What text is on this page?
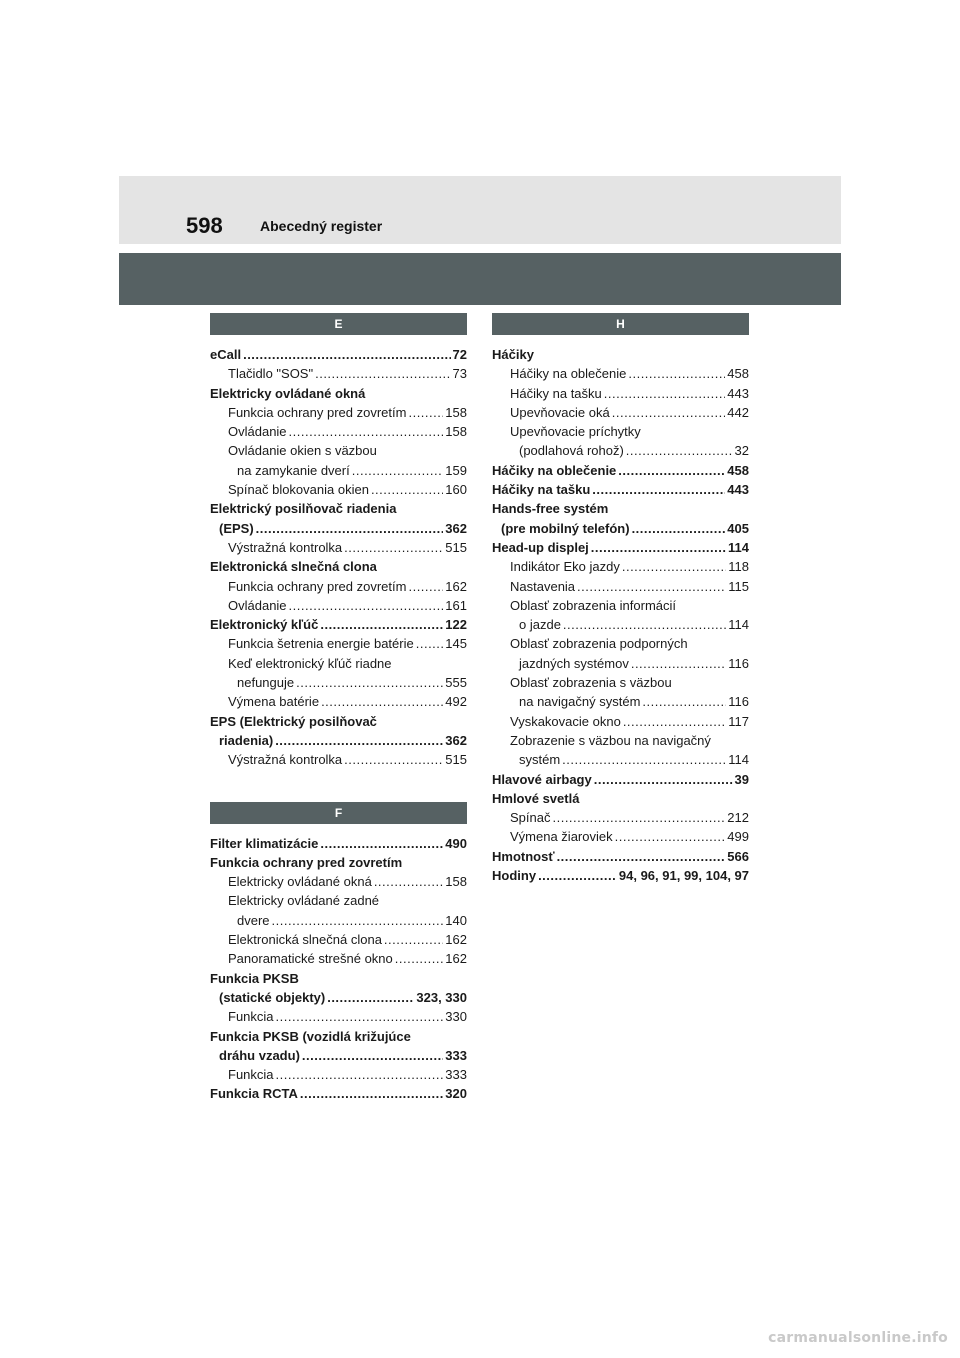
598	Abecedný register
E
eCall .....	72
Tlačidlo "SOS" .....	73
Elektricky ovládané okná
Funkcia ochrany pred zovretím .....	158
Ovládanie .....	158
Ovládanie okien s väzbou
na zamykanie dverí .....	159
Spínač blokovania okien .....	160
Elektrický posilňovač riadenia
(EPS) .....	362
Výstražná kontrolka .....	515
Elektronická slnečná clona
Funkcia ochrany pred zovretím .....	162
Ovládanie .....	161
Elektronický kľúč .....	122
Funkcia šetrenia energie batérie ..... 145
Keď elektronický kľúč riadne
nefunguje .....	555
Výmena batérie .....	492
EPS (Elektrický posilňovač
riadenia) .....	362
Výstražná kontrolka .....	515
F
Filter klimatizácie .....	490
Funkcia ochrany pred zovretím
Elektricky ovládané okná .....	158
Elektricky ovládané zadné
dvere .....	140
Elektronická slnečná clona .....	162
Panoramatické strešné okno .....	162
Funkcia PKSB
(statické objekty) .....	323, 330
Funkcia .....	330
Funkcia PKSB (vozidlá križujúce
dráhu vzadu) .....	333
Funkcia .....	333
Funkcia RCTA .....	320
H
Háčiky
Háčiky na oblečenie .....	458
Háčiky na tašku .....	443
Upevňovacie oká .....	442
Upevňovacie príchytky
(podlahová rohož) .....	32
Háčiky na oblečenie .....	458
Háčiky na tašku .....	443
Hands-free systém
(pre mobilný telefón) .....	405
Head-up displej .....	114
Indikátor Eko jazdy .....	118
Nastavenia .....	115
Oblasť zobrazenia informácií
o jazde .....	114
Oblasť zobrazenia podporných
jazdných systémov .....	116
Oblasť zobrazenia s väzbou
na navigačný systém .....	116
Vyskakovacie okno .....	117
Zobrazenie s väzbou na navigačný
systém .....	114
Hlavové airbagy .....	39
Hmlové svetlá
Spínač .....	212
Výmena žiaroviek .....	499
Hmotnosť .....	566
Hodiny .....	94, 96, 91, 99, 104, 97
carmanualsonline.info
